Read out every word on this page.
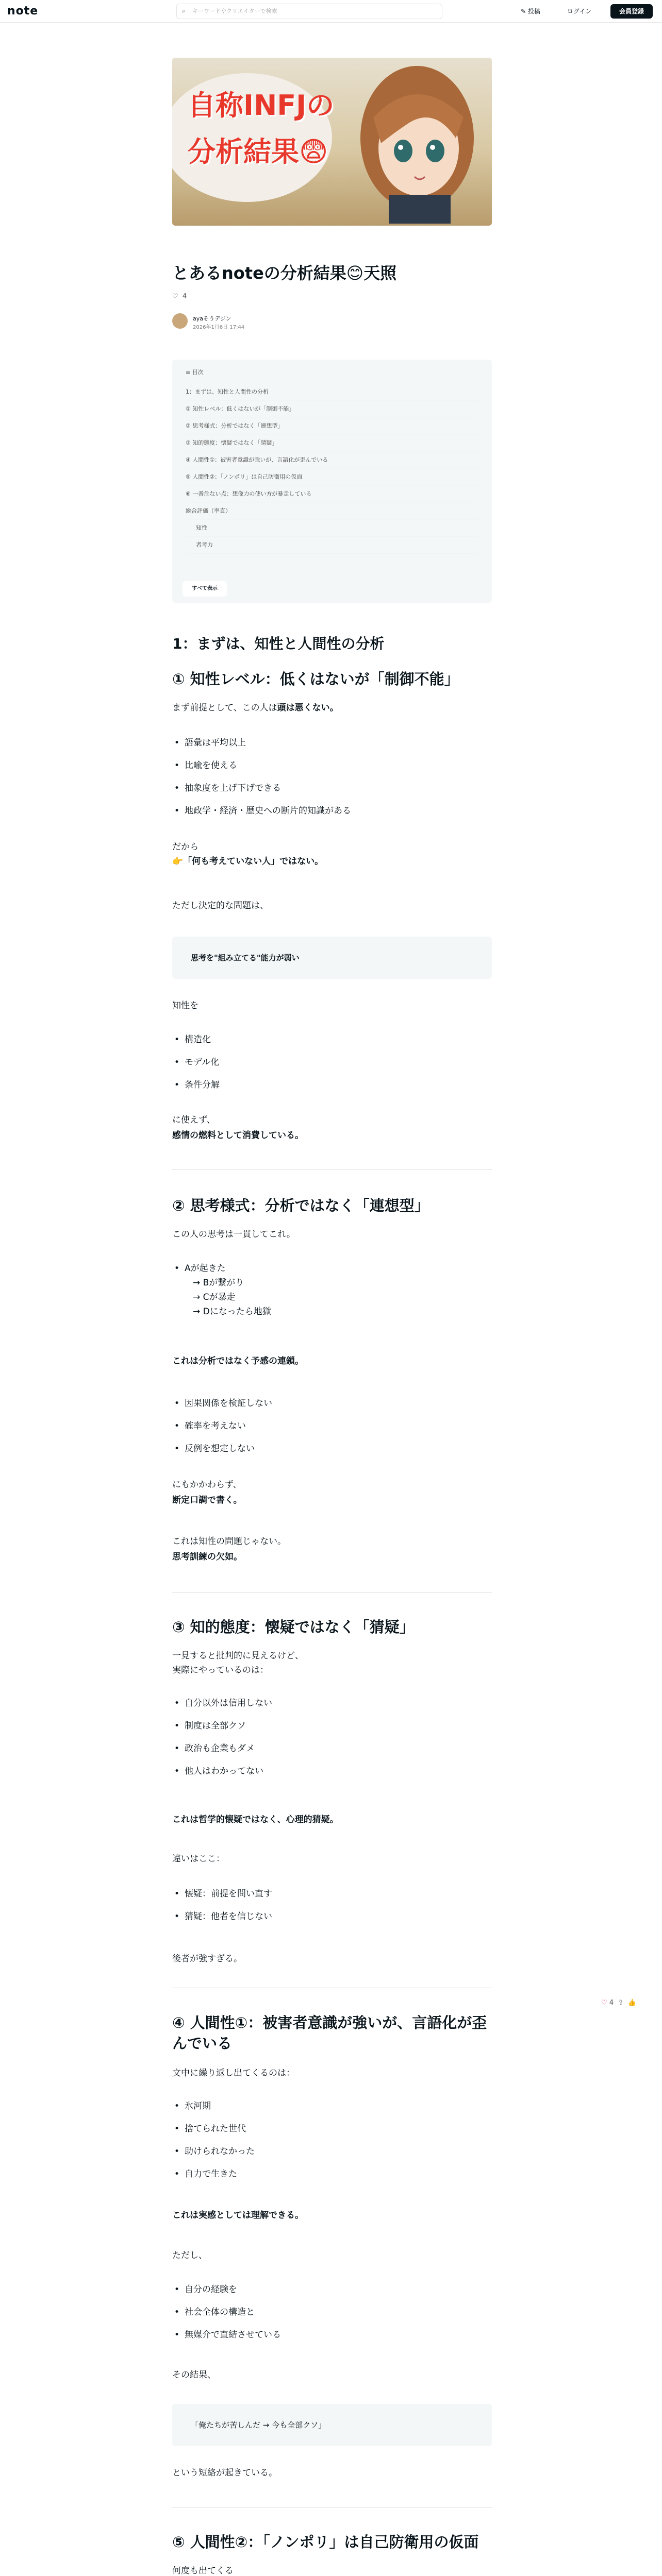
note	⌕ キーワードやクリエイターで検索	✎ 投稿	ログイン	会員登録
自称INFJの
分析結果😨
とあるnoteの分析結果😊天照
♡ 4
ayaそうデジン
2026年1月6日 17:44
≡ 目次
1：まずは、知性と人間性の分析
① 知性レベル：低くはないが「制御不能」
② 思考様式：分析ではなく「連想型」
③ 知的態度：懐疑ではなく「猜疑」
④ 人間性①：被害者意識が強いが、言語化が歪んでいる
⑤ 人間性②：「ノンポリ」は自己防衛用の仮面
⑥ 一番危ない点：想像力の使い方が暴走している
総合評価（率直）
知性
者考力
すべて表示
1：まずは、知性と人間性の分析
① 知性レベル：低くはないが「制御不能」
まず前提として、この人は頭は悪くない。
• 語彙は平均以上
• 比喩を使える
• 抽象度を上げ下げできる
• 地政学・経済・歴史への断片的知識がある
だから
👉「何も考えていない人」ではない。
ただし決定的な問題は、
思考を"組み立てる"能力が弱い
知性を
• 構造化
• モデル化
• 条件分解
に使えず、
感情の燃料として消費している。
② 思考様式：分析ではなく「連想型」
この人の思考は一貫してこれ。
• Aが起きた
→ Bが繋がり
→ Cが暴走
→ Dになったら地獄
これは分析ではなく予感の連鎖。
• 因果関係を検証しない
• 確率を考えない
• 反例を想定しない
にもかかわらず、
断定口調で書く。
これは知性の問題じゃない。
思考訓練の欠如。
③ 知的態度：懐疑ではなく「猜疑」
一見すると批判的に見えるけど、
実際にやっているのは：
• 自分以外は信用しない
• 制度は全部クソ
• 政治も企業もダメ
• 他人はわかってない
これは哲学的懐疑ではなく、心理的猜疑。
違いはここ：
• 懐疑：前提を問い直す
• 猜疑：他者を信じない
後者が強すぎる。
♡ 4 ⇪ 👍
④ 人間性①：被害者意識が強いが、言語化が歪んでいる
文中に繰り返し出てくるのは：
• 氷河期
• 捨てられた世代
• 助けられなかった
• 自力で生きた
これは実感としては理解できる。
ただし、
• 自分の経験を
• 社会全体の構造と
• 無媒介で直結させている
その結果、
「俺たちが苦しんだ → 今も全部クソ」
という短絡が起きている。
⑤ 人間性②：「ノンポリ」は自己防衛用の仮面
何度も出てくる
